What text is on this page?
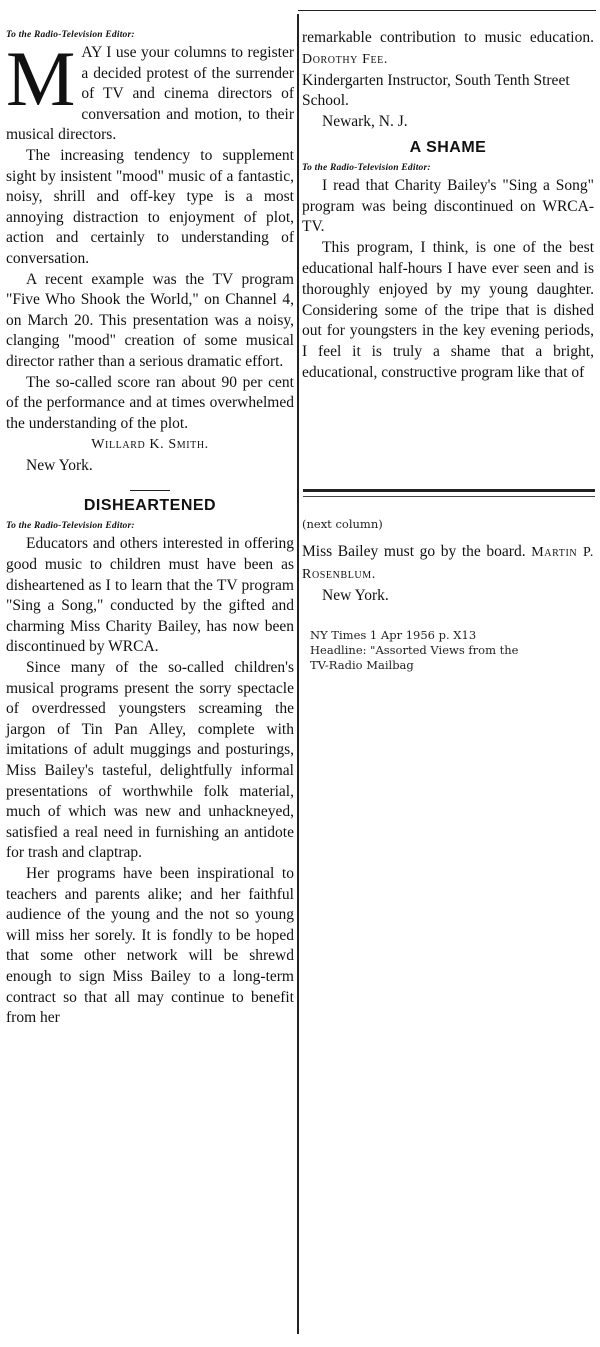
To the Radio-Television Editor:
M AY I use your columns to register a decided protest of the surrender of TV and cinema directors of conversation and motion, to their musical directors.

The increasing tendency to supplement sight by insistent "mood" music of a fantastic, noisy, shrill and off-key type is a most annoying distraction to enjoyment of plot, action and certainly to understanding of conversation.

A recent example was the TV program "Five Who Shook the World," on Channel 4, on March 20. This presentation was a noisy, clanging "mood" creation of some musical director rather than a serious dramatic effort.

The so-called score ran about 90 per cent of the performance and at times overwhelmed the understanding of the plot.

Willard K. Smith.

New York.

DISHEARTENED
To the Radio-Television Editor:

Educators and others interested in offering good music to children must have been as disheartened as I to learn that the TV program "Sing a Song," conducted by the gifted and charming Miss Charity Bailey, has now been discontinued by WRCA.

Since many of the so-called children's musical programs present the sorry spectacle of overdressed youngsters screaming the jargon of Tin Pan Alley, complete with imitations of adult muggings and posturings, Miss Bailey's tasteful, delightfully informal presentations of worthwhile folk material, much of which was new and unhackneyed, satisfied a real need in furnishing an antidote for trash and claptrap.

Her programs have been inspirational to teachers and parents alike; and her faithful audience of the young and the not so young will miss her sorely. It is fondly to be hoped that some other network will be shrewd enough to sign Miss Bailey to a long-term contract so that all may continue to benefit from her

remarkable contribution to music education. Dorothy Fee.

Kindergarten Instructor, South Tenth Street School.

Newark, N. J.

A SHAME
To the Radio-Television Editor:

I read that Charity Bailey's "Sing a Song" program was being discontinued on WRCA-TV.

This program, I think, is one of the best educational half-hours I have ever seen and is thoroughly enjoyed by my young daughter. Considering some of the tripe that is dished out for youngsters in the key evening periods, I feel it is truly a shame that a bright, educational, constructive program like that of

(next column)

Miss Bailey must go by the board. Martin P. Rosenblum.

New York.

NY Times 1 Apr 1956 p. X13
Headline: "Assorted Views from the TV-Radio Mailbag
